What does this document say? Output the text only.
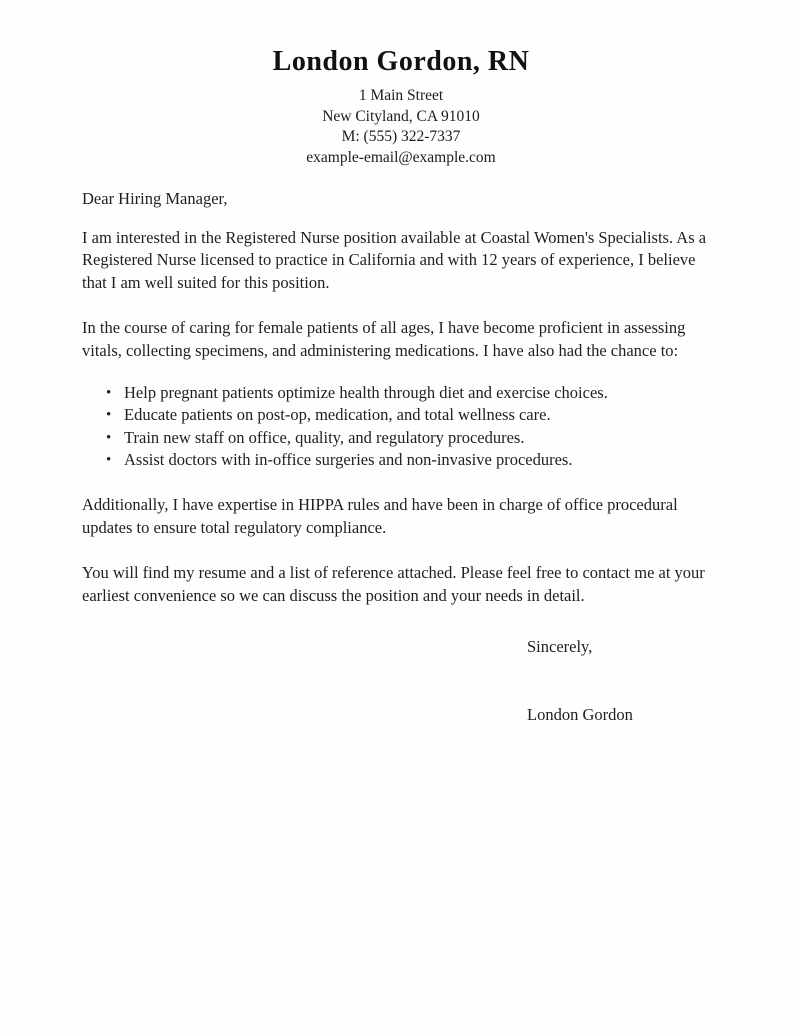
London Gordon, RN
1 Main Street
New Cityland, CA 91010
M: (555) 322-7337
example-email@example.com
Dear Hiring Manager,

I am interested in the Registered Nurse position available at Coastal Women's Specialists. As a Registered Nurse licensed to practice in California and with 12 years of experience, I believe that I am well suited for this position.

In the course of caring for female patients of all ages, I have become proficient in assessing vitals, collecting specimens, and administering medications. I have also had the chance to:

• Help pregnant patients optimize health through diet and exercise choices.
• Educate patients on post-op, medication, and total wellness care.
• Train new staff on office, quality, and regulatory procedures.
• Assist doctors with in-office surgeries and non-invasive procedures.

Additionally, I have expertise in HIPPA rules and have been in charge of office procedural updates to ensure total regulatory compliance.

You will find my resume and a list of reference attached. Please feel free to contact me at your earliest convenience so we can discuss the position and your needs in detail.

Sincerely,
London Gordon
